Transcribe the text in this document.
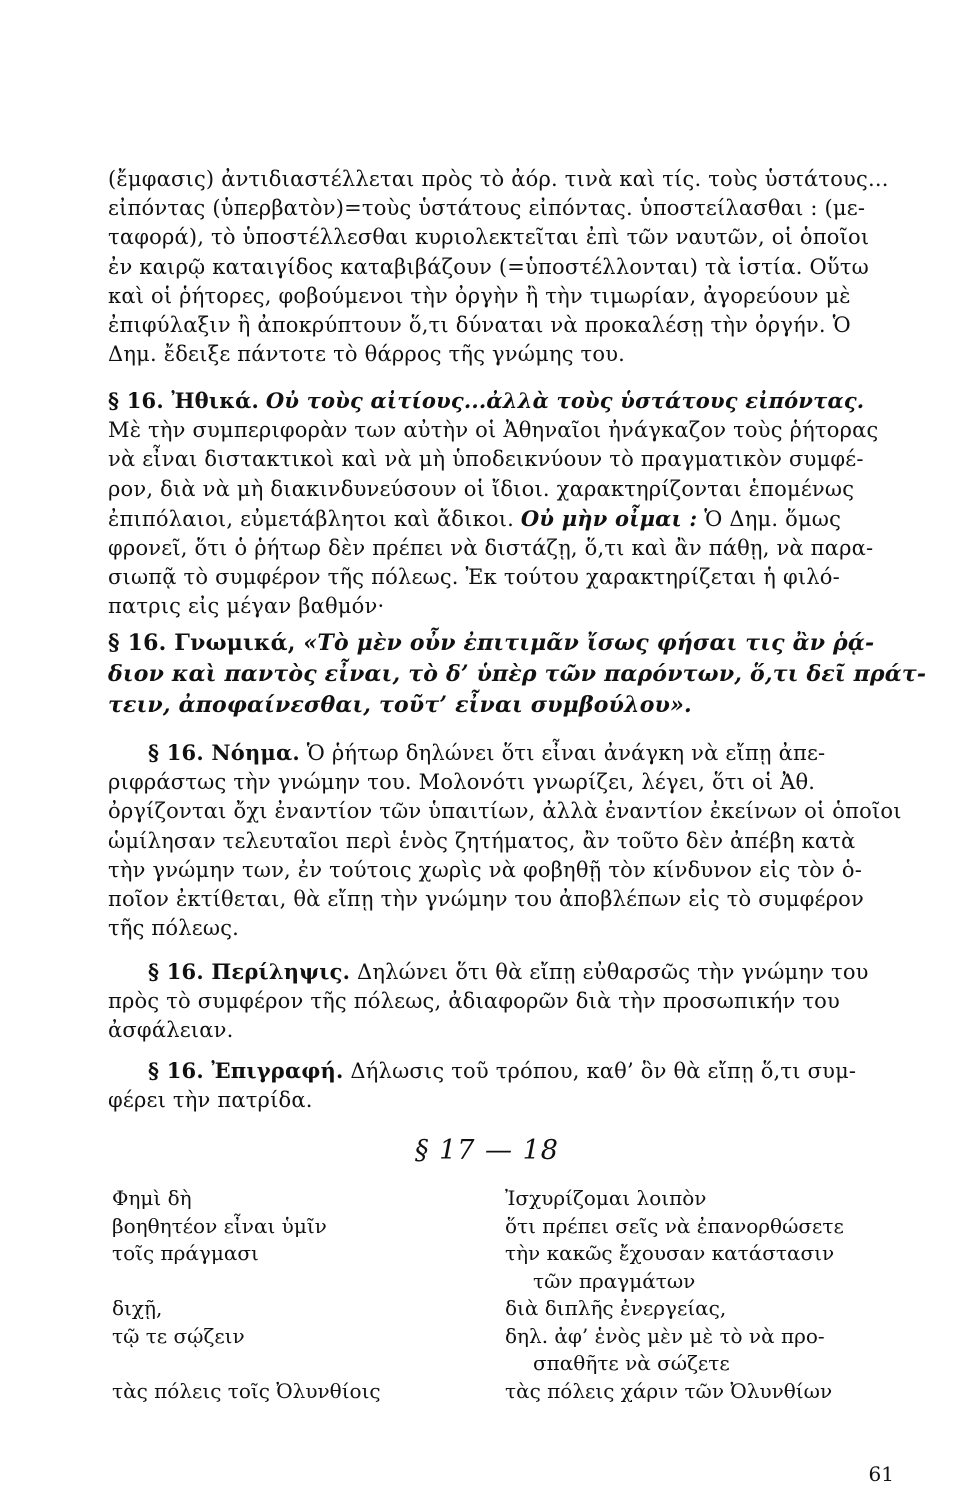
(ἔμφασις) ἀντιδιαστέλλεται πρὸς τὸ ἀόρ. τινὰ καὶ τίς. τοὺς ὑστάτους...
εἰπόντας (ὑπερβατὸν)=τοὺς ὑστάτους εἰπόντας. ὑποστείλασθαι : (με-
ταφορά), τὸ ὑποστέλλεσθαι κυριολεκτεῖται ἐπὶ τῶν ναυτῶν, οἱ ὁποῖοι
ἐν καιρῷ καταιγίδος καταβιβάζουν (=ὑποστέλλονται) τὰ ἱστία. Οὕτω
καὶ οἱ ῥήτορες, φοβούμενοι τὴν ὀργὴν ἢ τὴν τιμωρίαν, ἀγορεύουν μὲ
ἐπιφύλαξιν ἢ ἀποκρύπτουν ὅ,τι δύναται νὰ προκαλέσῃ τὴν ὀργήν. Ὁ
Δημ. ἔδειξε πάντοτε τὸ θάρρος τῆς γνώμης του.
§ 16. Ἠθικά. Οὐ τοὺς αἰτίους...ἀλλὰ τοὺς ὑστάτους εἰπόντας.
Μὲ τὴν συμπεριφορὰν των αὐτὴν οἱ Ἀθηναῖοι ἠνάγκαζον τοὺς ῥήτορας
νὰ εἶναι διστακτικοὶ καὶ νὰ μὴ ὑποδεικνύουν τὸ πραγματικὸν συμφέ-
ρον, διὰ νὰ μὴ διακινδυνεύσουν οἱ ἴδιοι. χαρακτηρίζονται ἑπομένως
ἐπιπόλαιοι, εὐμετάβλητοι καὶ ἄδικοι. Οὐ μὴν οἶμαι : Ὁ Δημ. ὅμως
φρονεῖ, ὅτι ὁ ῥήτωρ δὲν πρέπει νὰ διστάζῃ, ὅ,τι καὶ ἂν πάθῃ, νὰ παρα-
σιωπᾷ τὸ συμφέρον τῆς πόλεως. Ἐκ τούτου χαρακτηρίζεται ἡ φιλό-
πατρις εἰς μέγαν βαθμόν·
§ 16. Γνωμικά, «Τὸ μὲν οὖν ἐπιτιμᾶν ἴσως φήσαι τις ἂν ῥᾴ-
διον καὶ παντὸς εἶναι, τὸ δ’ ὑπὲρ τῶν παρόντων, ὅ,τι δεῖ πράτ-
τειν, ἀποφαίνεσθαι, τοῦτ’ εἶναι συμβούλου».
§ 16. Νόημα. Ὁ ῥήτωρ δηλώνει ὅτι εἶναι ἀνάγκη νὰ εἴπῃ ἀπε-
ριφράστως τὴν γνώμην του. Μολονότι γνωρίζει, λέγει, ὅτι οἱ Ἀθ.
ὀργίζονται ὄχι ἐναντίον τῶν ὑπαιτίων, ἀλλὰ ἐναντίον ἐκείνων οἱ ὁποῖοι
ὡμίλησαν τελευταῖοι περὶ ἑνὸς ζητήματος, ἂν τοῦτο δὲν ἀπέβη κατὰ
τὴν γνώμην των, ἐν τούτοις χωρὶς νὰ φοβηθῇ τὸν κίνδυνον εἰς τὸν ὁ-
ποῖον ἐκτίθεται, θὰ εἴπῃ τὴν γνώμην του ἀποβλέπων εἰς τὸ συμφέρον
τῆς πόλεως.
§ 16. Περίληψις. Δηλώνει ὅτι θὰ εἴπῃ εὐθαρσῶς τὴν γνώμην του
πρὸς τὸ συμφέρον τῆς πόλεως, ἀδιαφορῶν διὰ τὴν προσωπικήν του
ἀσφάλειαν.
§ 16. Ἐπιγραφή. Δήλωσις τοῦ τρόπου, καθ’ ὃν θὰ εἴπῃ ὅ,τι συμ-
φέρει τὴν πατρίδα.
§ 17 — 18
Φημὶ δὴ
βοηθητέον εἶναι ὑμῖν
τοῖς πράγμασι
διχῇ,
τῷ τε σῴζειν
τὰς πόλεις τοῖς Ὀλυνθίοις
Ἰσχυρίζομαι λοιπὸν
ὅτι πρέπει σεῖς νὰ ἐπανορθώσετε
τὴν κακῶς ἔχουσαν κατάστασιν
τῶν πραγμάτων
διὰ διπλῆς ἐνεργείας,
δηλ. ἀφ’ ἑνὸς μὲν μὲ τὸ νὰ προ-
σπαθῆτε νὰ σώζετε
τὰς πόλεις χάριν τῶν Ὀλυνθίων
61
